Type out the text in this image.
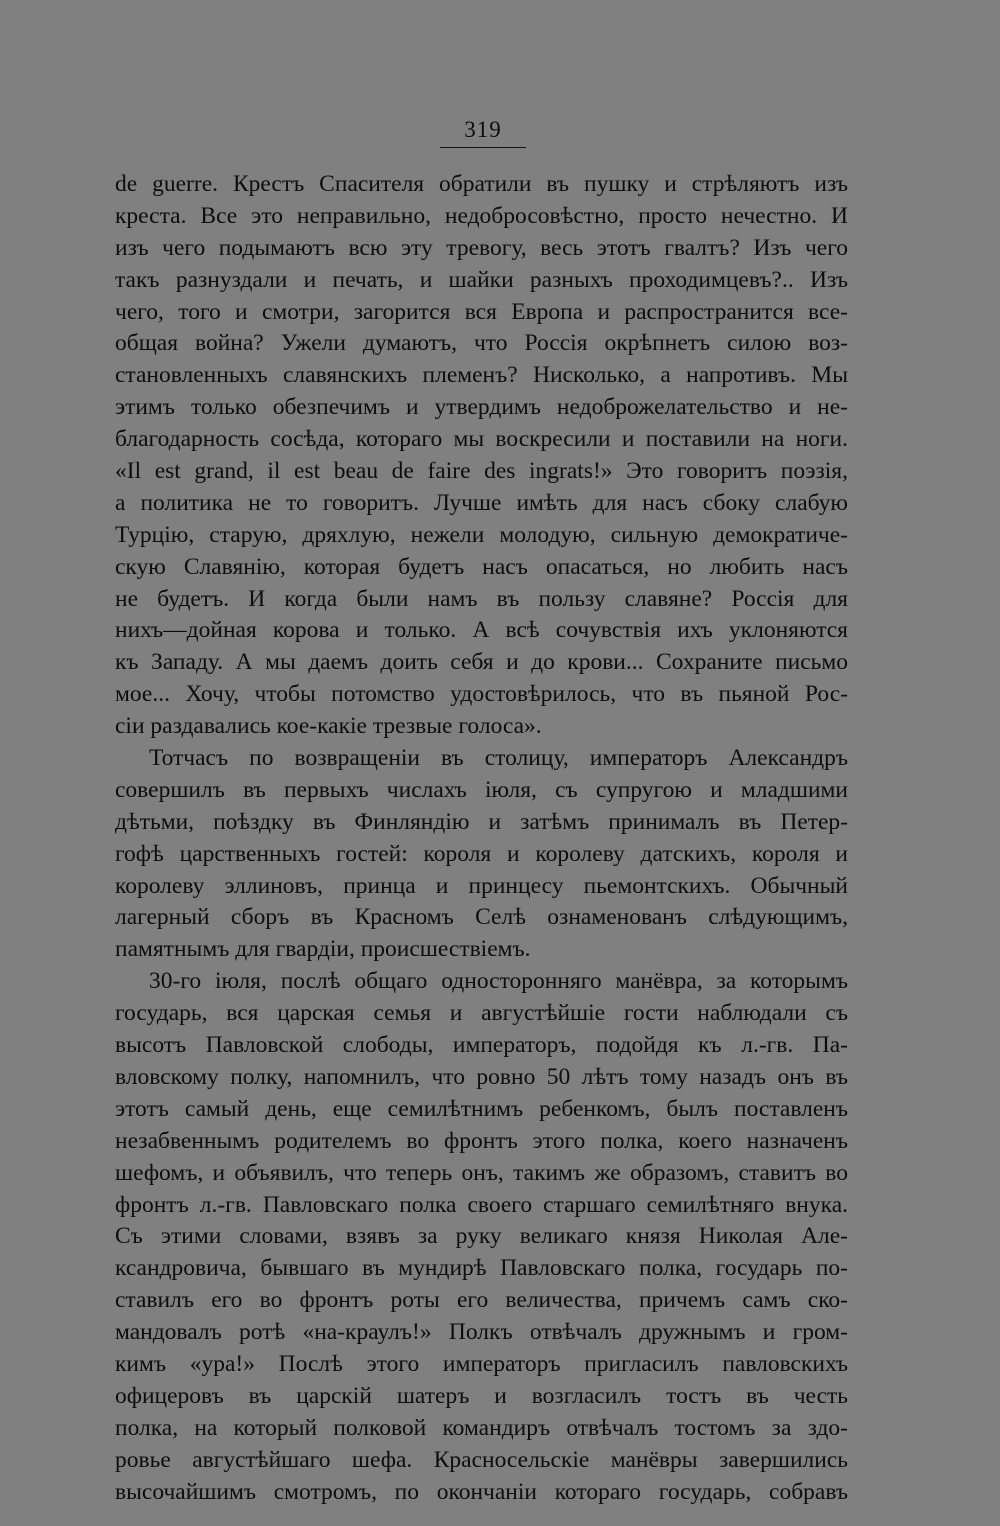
319
de guerre. Крестъ Спасителя обратили въ пушку и стрѣляютъ изъ
креста. Все это неправильно, недобросовѣстно, просто нечестно. И
изъ чего подымаютъ всю эту тревогу, весь этотъ гвалтъ? Изъ чего
такъ разнуздали и печать, и шайки разныхъ проходимцевъ?.. Изъ
чего, того и смотри, загорится вся Европа и распространится все-
общая война? Ужели думаютъ, что Россія окрѣпнетъ силою воз-
становленныхъ славянскихъ племенъ? Нисколько, а напротивъ. Мы
этимъ только обезпечимъ и утвердимъ недоброжелательство и не-
благодарность сосѣда, котораго мы воскресили и поставили на ноги.
«Il est grand, il est beau de faire des ingrats!» Это говоритъ поэзія,
а политика не то говоритъ. Лучше имѣть для насъ сбоку слабую
Турцію, старую, дряхлую, нежели молодую, сильную демократиче-
скую Славянію, которая будетъ насъ опасаться, но любить насъ
не будетъ. И когда были намъ въ пользу славяне? Россія для
нихъ—дойная корова и только. А всѣ сочувствія ихъ уклоняются
къ Западу. А мы даемъ доить себя и до крови... Сохраните письмо
мое... Хочу, чтобы потомство удостовѣрилось, что въ пьяной Рос-
сіи раздавались кое-какіе трезвые голоса».
Тотчасъ по возвращеніи въ столицу, императоръ Александръ
совершилъ въ первыхъ числахъ іюля, съ супругою и младшими
дѣтьми, поѣздку въ Финляндію и затѣмъ принималъ въ Петер-
гофѣ царственныхъ гостей: короля и королеву датскихъ, короля и
королеву эллиновъ, принца и принцесу пьемонтскихъ. Обычный
лагерный сборъ въ Красномъ Селѣ ознаменованъ слѣдующимъ,
памятнымъ для гвардіи, происшествіемъ.
30-го іюля, послѣ общаго односторонняго манёвра, за которымъ
государь, вся царская семья и августѣйшіе гости наблюдали съ
высотъ Павловской слободы, императоръ, подойдя къ л.-гв. Па-
вловскому полку, напомнилъ, что ровно 50 лѣтъ тому назадъ онъ въ
этотъ самый день, еще семилѣтнимъ ребенкомъ, былъ поставленъ
незабвеннымъ родителемъ во фронтъ этого полка, коего назначенъ
шефомъ, и объявилъ, что теперь онъ, такимъ же образомъ, ставитъ во
фронтъ л.-гв. Павловскаго полка своего старшаго семилѣтняго внука.
Съ этими словами, взявъ за руку великаго князя Николая Але-
ксандровича, бывшаго въ мундирѣ Павловскаго полка, государь по-
ставилъ его во фронтъ роты его величества, причемъ самъ ско-
мандовалъ ротѣ «на-краулъ!» Полкъ отвѣчалъ дружнымъ и гром-
кимъ «ура!» Послѣ этого императоръ пригласилъ павловскихъ
офицеровъ въ царскій шатеръ и возгласилъ тостъ въ честь
полка, на который полковой командиръ отвѣчалъ тостомъ за здо-
ровье августѣйшаго шефа. Красносельскіе манёвры завершились
высочайшимъ смотромъ, по окончаніи котораго государь, собравъ
